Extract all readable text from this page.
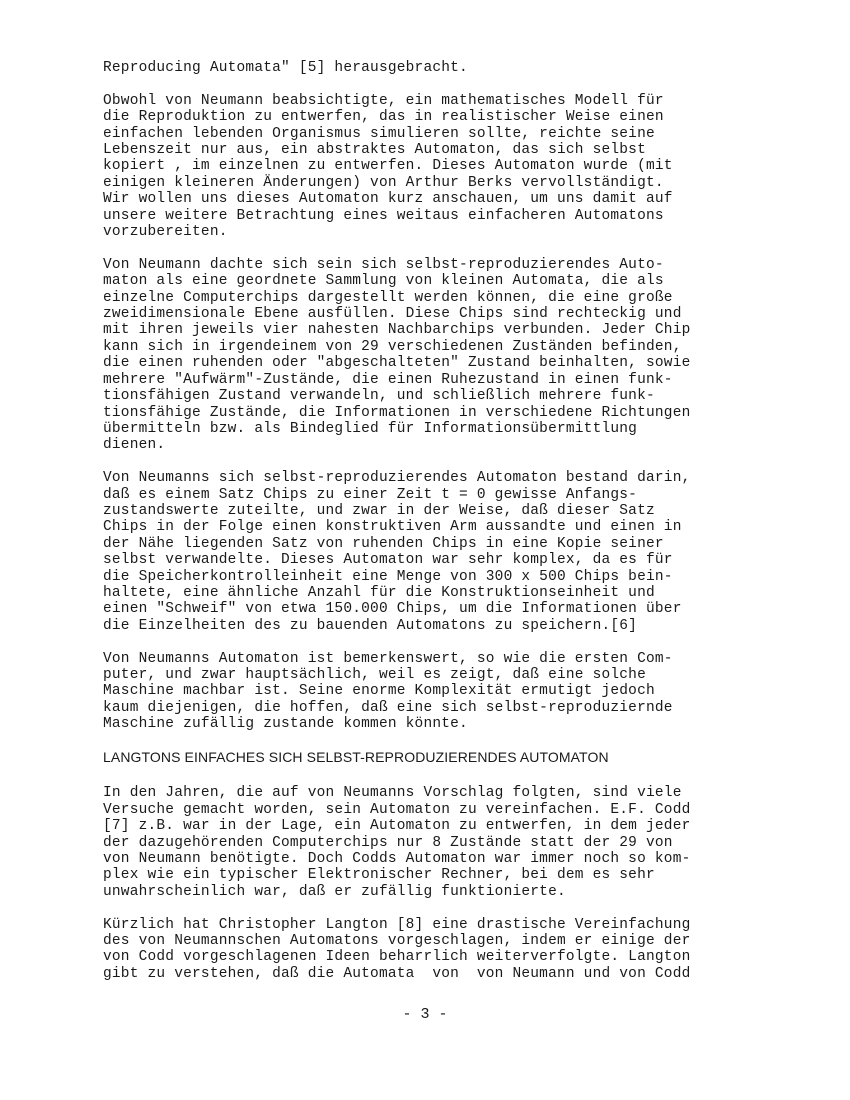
Reproducing Automata" [5] herausgebracht.

Obwohl von Neumann beabsichtigte, ein mathematisches Modell für
die Reproduktion zu entwerfen, das in realistischer Weise einen
einfachen lebenden Organismus simulieren sollte, reichte seine
Lebenszeit nur aus, ein abstraktes Automaton, das sich selbst
kopiert , im einzelnen zu entwerfen. Dieses Automaton wurde (mit
einigen kleineren Änderungen) von Arthur Berks vervollständigt.
Wir wollen uns dieses Automaton kurz anschauen, um uns damit auf
unsere weitere Betrachtung eines weitaus einfacheren Automatons
vorzubereiten.

Von Neumann dachte sich sein sich selbst-reproduzierendes Auto-
maton als eine geordnete Sammlung von kleinen Automata, die als
einzelne Computerchips dargestellt werden können, die eine große
zweidimensionale Ebene ausfüllen. Diese Chips sind rechteckig und
mit ihren jeweils vier nahesten Nachbarchips verbunden. Jeder Chip
kann sich in irgendeinem von 29 verschiedenen Zuständen befinden,
die einen ruhenden oder "abgeschalteten" Zustand beinhalten, sowie
mehrere "Aufwärm"-Zustände, die einen Ruhezustand in einen funk-
tionsfähigen Zustand verwandeln, und schließlich mehrere funk-
tionsfähige Zustände, die Informationen in verschiedene Richtungen
übermitteln bzw. als Bindeglied für Informationsübermittlung
dienen.

Von Neumanns sich selbst-reproduzierendes Automaton bestand darin,
daß es einem Satz Chips zu einer Zeit t = 0 gewisse Anfangs-
zustandswerte zuteilte, und zwar in der Weise, daß dieser Satz
Chips in der Folge einen konstruktiven Arm aussandte und einen in
der Nähe liegenden Satz von ruhenden Chips in eine Kopie seiner
selbst verwandelte. Dieses Automaton war sehr komplex, da es für
die Speicherkontrolleinheit eine Menge von 300 x 500 Chips bein-
haltete, eine ähnliche Anzahl für die Konstruktionseinheit und
einen "Schweif" von etwa 150.000 Chips, um die Informationen über
die Einzelheiten des zu bauenden Automatons zu speichern.[6]

Von Neumanns Automaton ist bemerkenswert, so wie die ersten Com-
puter, und zwar hauptsächlich, weil es zeigt, daß eine solche
Maschine machbar ist. Seine enorme Komplexität ermutigt jedoch
kaum diejenigen, die hoffen, daß eine sich selbst-reproduziernde
Maschine zufällig zustande kommen könnte.

LANGTONS EINFACHES SICH SELBST-REPRODUZIERENDES AUTOMATON

In den Jahren, die auf von Neumanns Vorschlag folgten, sind viele
Versuche gemacht worden, sein Automaton zu vereinfachen. E.F. Codd
[7] z.B. war in der Lage, ein Automaton zu entwerfen, in dem jeder
der dazugehörenden Computerchips nur 8 Zustände statt der 29 von
von Neumann benötigte. Doch Codds Automaton war immer noch so kom-
plex wie ein typischer Elektronischer Rechner, bei dem es sehr
unwahrscheinlich war, daß er zufällig funktionierte.

Kürzlich hat Christopher Langton [8] eine drastische Vereinfachung
des von Neumannschen Automatons vorgeschlagen, indem er einige der
von Codd vorgeschlagenen Ideen beharrlich weiterverfolgte. Langton
gibt zu verstehen, daß die Automata  von  von Neumann und von Codd

- 3 -
